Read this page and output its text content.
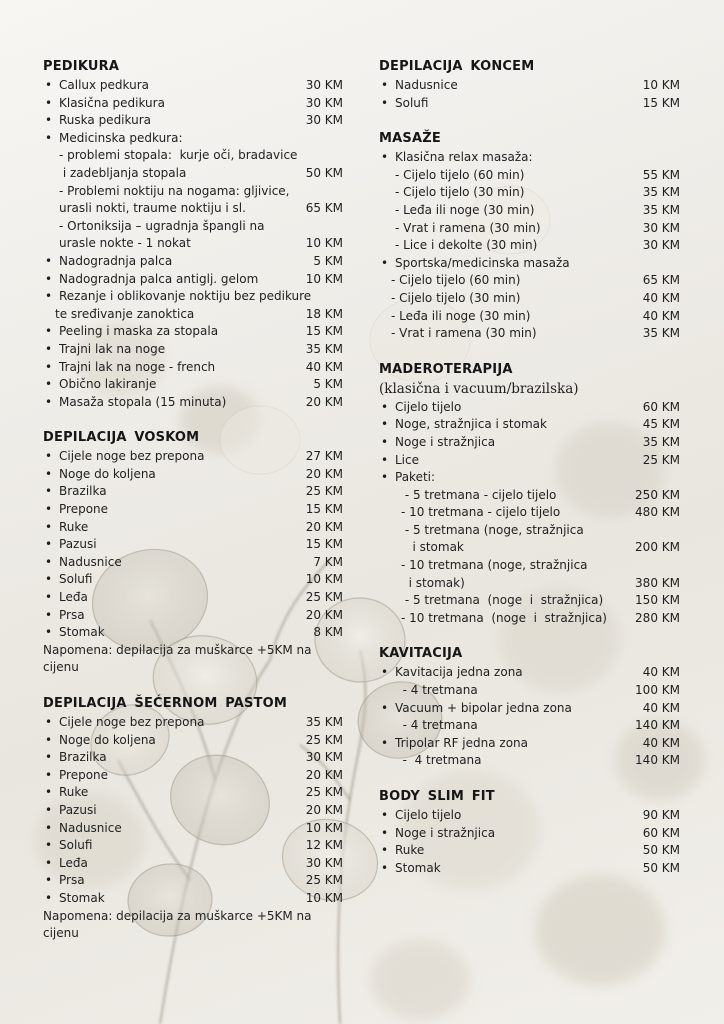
PEDIKURA
• Callux pedkura	30 KM
• Klasična pedikura	30 KM
• Ruska pedikura	30 KM
• Medicinska pedkura:
- problemi stopala:  kurje oči, bradavice
i zadebljanja stopala	50 KM
- Problemi noktiju na nogama: gljivice,
urasli nokti, traume noktiju i sl.	65 KM
- Ortoniksija – ugradnja špangli na
urasle nokte - 1 nokat	10 KM
• Nadogradnja palca	5 KM
• Nadogradnja palca antiglj. gelom	10 KM
• Rezanje i oblikovanje noktiju bez pedikure
te sređivanje zanoktica	18 KM
• Peeling i maska za stopala	15 KM
• Trajni lak na noge	35 KM
• Trajni lak na noge - french	40 KM
• Obično lakiranje	5 KM
• Masaža stopala (15 minuta)	20 KM
DEPILACIJA VOSKOM
• Cijele noge bez prepona	27 KM
• Noge do koljena	20 KM
• Brazilka	25 KM
• Prepone	15 KM
• Ruke	20 KM
• Pazusi	15 KM
• Nadusnice	7 KM
• Solufi	10 KM
• Leđa	25 KM
• Prsa	20 KM
• Stomak	8 KM
Napomena: depilacija za muškarce +5KM na
cijenu
DEPILACIJA ŠEĆERNOM PASTOM
• Cijele noge bez prepona	35 KM
• Noge do koljena	25 KM
• Brazilka	30 KM
• Prepone	20 KM
• Ruke	25 KM
• Pazusi	20 KM
• Nadusnice	10 KM
• Solufi	12 KM
• Leđa	30 KM
• Prsa	25 KM
• Stomak	10 KM
Napomena: depilacija za muškarce +5KM na
cijenu
DEPILACIJA KONCEM
• Nadusnice	10 KM
• Solufi	15 KM
MASAŽE
• Klasična relax masaža:
- Cijelo tijelo (60 min)	55 KM
- Cijelo tijelo (30 min)	35 KM
- Leđa ili noge (30 min)	35 KM
- Vrat i ramena (30 min)	30 KM
- Lice i dekolte (30 min)	30 KM
• Sportska/medicinska masaža
- Cijelo tijelo (60 min)	65 KM
- Cijelo tijelo (30 min)	40 KM
- Leđa ili noge (30 min)	40 KM
- Vrat i ramena (30 min)	35 KM
MADEROTERAPIJA
(klasična i vacuum/brazilska)
• Cijelo tijelo	60 KM
• Noge, stražnjica i stomak	45 KM
• Noge i stražnjica	35 KM
• Lice	25 KM
• Paketi:
- 5 tretmana - cijelo tijelo	250 KM
- 10 tretmana - cijelo tijelo	480 KM
- 5 tretmana (noge, stražnjica
i stomak	200 KM
- 10 tretmana (noge, stražnjica
i stomak)	380 KM
- 5 tretmana  (noge  i  stražnjica)	150 KM
- 10 tretmana  (noge  i  stražnjica) 280 KM
KAVITACIJA
• Kavitacija jedna zona	40 KM
- 4 tretmana	100 KM
• Vacuum + bipolar jedna zona	40 KM
- 4 tretmana	140 KM
• Tripolar RF jedna zona	40 KM
-  4 tretmana	140 KM
BODY SLIM FIT
• Cijelo tijelo	90 KM
• Noge i stražnjica	60 KM
• Ruke	50 KM
• Stomak	50 KM
